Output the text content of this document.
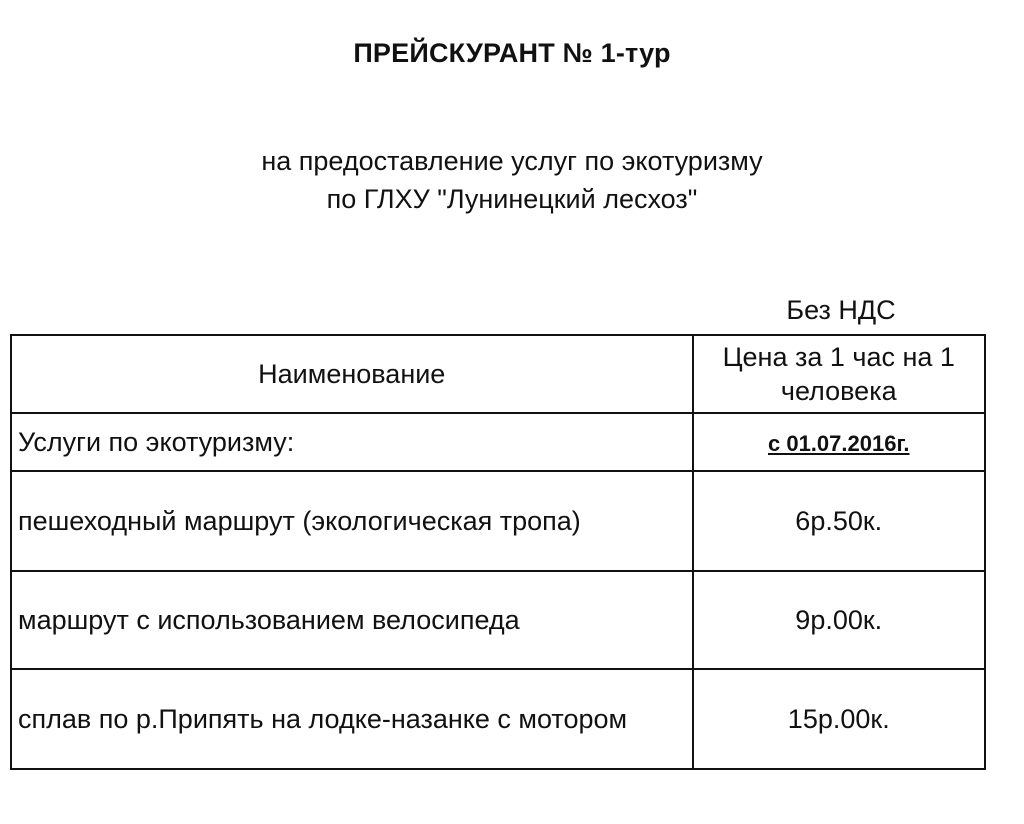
ПРЕЙСКУРАНТ № 1-тур
на предоставление услуг по экотуризму
по ГЛХУ "Лунинецкий лесхоз"
Без НДС
Наименование	Цена за 1 час на 1 человека
Услуги по экотуризму:	с 01.07.2016г.
пешеходный маршрут (экологическая тропа)	6р.50к.
маршрут с использованием велосипеда	9р.00к.
сплав по р.Припять на лодке-назанке с мотором	15р.00к.
